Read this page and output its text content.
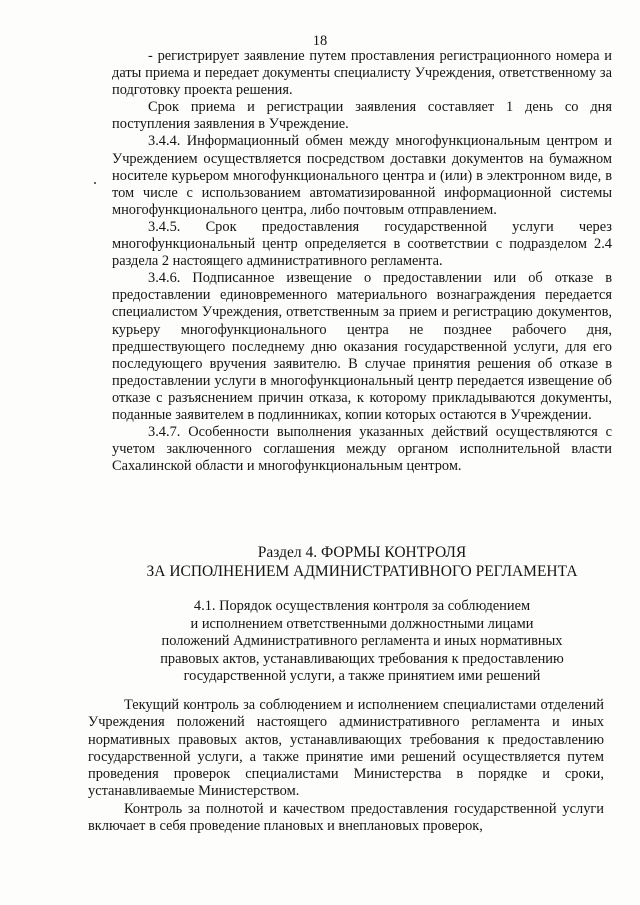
18

- регистрирует заявление путем проставления регистрационного номера и даты приема и передает документы специалисту Учреждения, ответственному за подготовку проекта решения.

Срок приема и регистрации заявления составляет 1 день со дня поступления заявления в Учреждение.

3.4.4. Информационный обмен между многофункциональным центром и Учреждением осуществляется посредством доставки документов на бумажном носителе курьером многофункционального центра и (или) в электронном виде, в том числе с использованием автоматизированной информационной системы многофункционального центра, либо почтовым отправлением.

3.4.5. Срок предоставления государственной услуги через многофункциональный центр определяется в соответствии с подразделом 2.4 раздела 2 настоящего административного регламента.

3.4.6. Подписанное извещение о предоставлении или об отказе в предоставлении единовременного материального вознаграждения передается специалистом Учреждения, ответственным за прием и регистрацию документов, курьеру многофункционального центра не позднее рабочего дня, предшествующего последнему дню оказания государственной услуги, для его последующего вручения заявителю. В случае принятия решения об отказе в предоставлении услуги в многофункциональный центр передается извещение об отказе с разъяснением причин отказа, к которому прикладываются документы, поданные заявителем в подлинниках, копии которых остаются в Учреждении.

3.4.7. Особенности выполнения указанных действий осуществляются с учетом заключенного соглашения между органом исполнительной власти Сахалинской области и многофункциональным центром.

Раздел 4. ФОРМЫ КОНТРОЛЯ
ЗА ИСПОЛНЕНИЕМ АДМИНИСТРАТИВНОГО РЕГЛАМЕНТА
4.1. Порядок осуществления контроля за соблюдением
и исполнением ответственными должностными лицами
положений Административного регламента и иных нормативных
правовых актов, устанавливающих требования к предоставлению
государственной услуги, а также принятием ими решений

Текущий контроль за соблюдением и исполнением специалистами отделений Учреждения положений настоящего административного регламента и иных нормативных правовых актов, устанавливающих требования к предоставлению государственной услуги, а также принятие ими решений осуществляется путем проведения проверок специалистами Министерства в порядке и сроки, устанавливаемые Министерством.

Контроль за полнотой и качеством предоставления государственной услуги включает в себя проведение плановых и внеплановых проверок,
